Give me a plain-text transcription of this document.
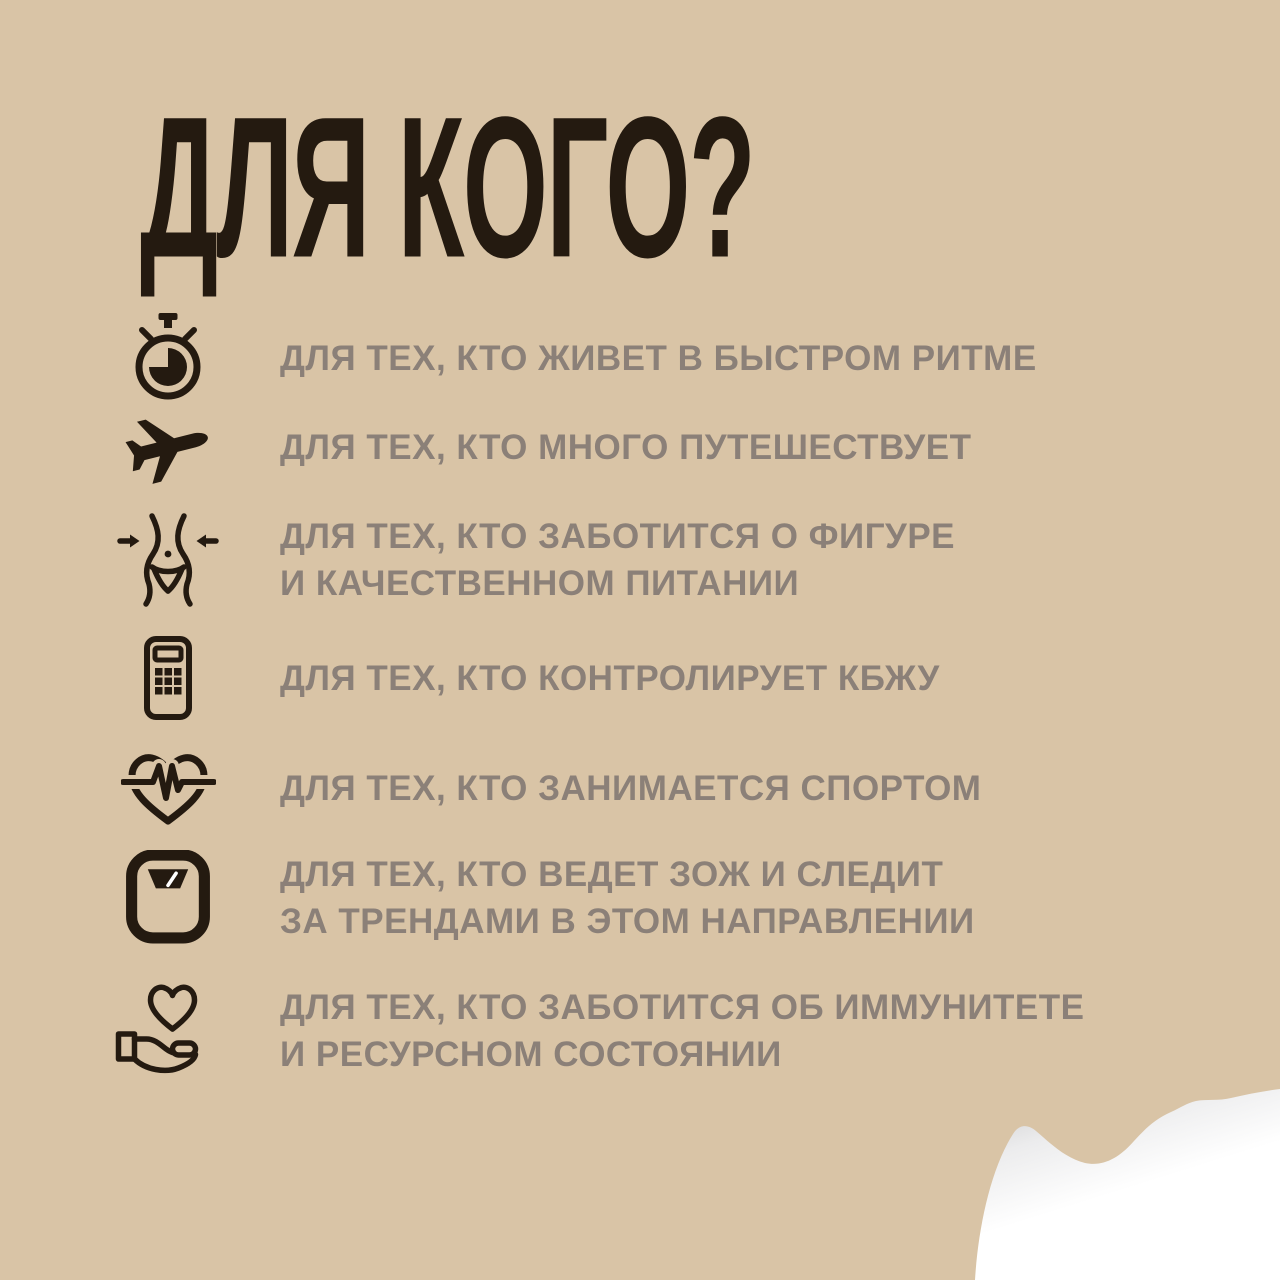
ДЛЯ КОГО?
ДЛЯ ТЕХ, КТО ЖИВЕТ В БЫСТРОМ РИТМЕ
ДЛЯ ТЕХ, КТО МНОГО ПУТЕШЕСТВУЕТ
ДЛЯ ТЕХ, КТО ЗАБОТИТСЯ О ФИГУРЕ
И КАЧЕСТВЕННОМ ПИТАНИИ
ДЛЯ ТЕХ, КТО КОНТРОЛИРУЕТ КБЖУ
ДЛЯ ТЕХ, КТО ЗАНИМАЕТСЯ СПОРТОМ
ДЛЯ ТЕХ, КТО ВЕДЕТ ЗОЖ И СЛЕДИТ
ЗА ТРЕНДАМИ В ЭТОМ НАПРАВЛЕНИИ
ДЛЯ ТЕХ, КТО ЗАБОТИТСЯ ОБ ИММУНИТЕТЕ
И РЕСУРСНОМ СОСТОЯНИИ
